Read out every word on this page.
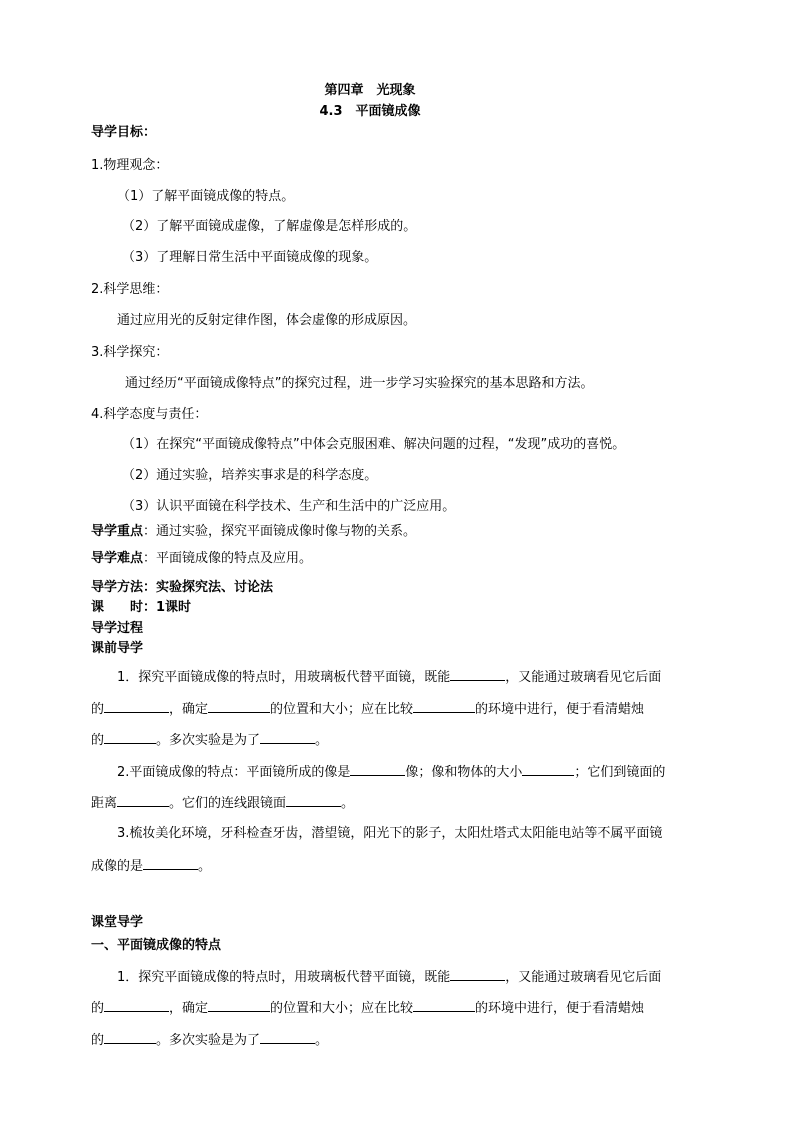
第四章　光现象
4.3　平面镜成像
导学目标：
1.物理观念：
（1）了解平面镜成像的特点。
（2）了解平面镜成虚像，了解虚像是怎样形成的。
（3）了理解日常生活中平面镜成像的现象。
2.科学思维：
通过应用光的反射定律作图，体会虚像的形成原因。
3.科学探究：
通过经历“平面镜成像特点”的探究过程，进一步学习实验探究的基本思路和方法。
4.科学态度与责任：
（1）在探究“平面镜成像特点”中体会克服困难、解决问题的过程，“发现”成功的喜悦。
（2）通过实验，培养实事求是的科学态度。
（3）认识平面镜在科学技术、生产和生活中的广泛应用。
导学重点：通过实验，探究平面镜成像时像与物的关系。
导学难点：平面镜成像的特点及应用。
导学方法：实验探究法、讨论法
课　　时：1课时
导学过程
课前导学
1．探究平面镜成像的特点时，用玻璃板代替平面镜，既能	，又能通过玻璃看见它后面
的	，确定	的位置和大小；应在比较	的环境中进行，便于看清蜡烛
的	。多次实验是为了	。
2.平面镜成像的特点：平面镜所成的像是	像；像和物体的大小	；它们到镜面的
距离	。它们的连线跟镜面	。
3.梳妆美化环境，牙科检查牙齿，潜望镜，阳光下的影子，太阳灶塔式太阳能电站等不属平面镜
成像的是	。
课堂导学
一、平面镜成像的特点
1．探究平面镜成像的特点时，用玻璃板代替平面镜，既能	，又能通过玻璃看见它后面
的	，确定	的位置和大小；应在比较	的环境中进行，便于看清蜡烛
的	。多次实验是为了	。
